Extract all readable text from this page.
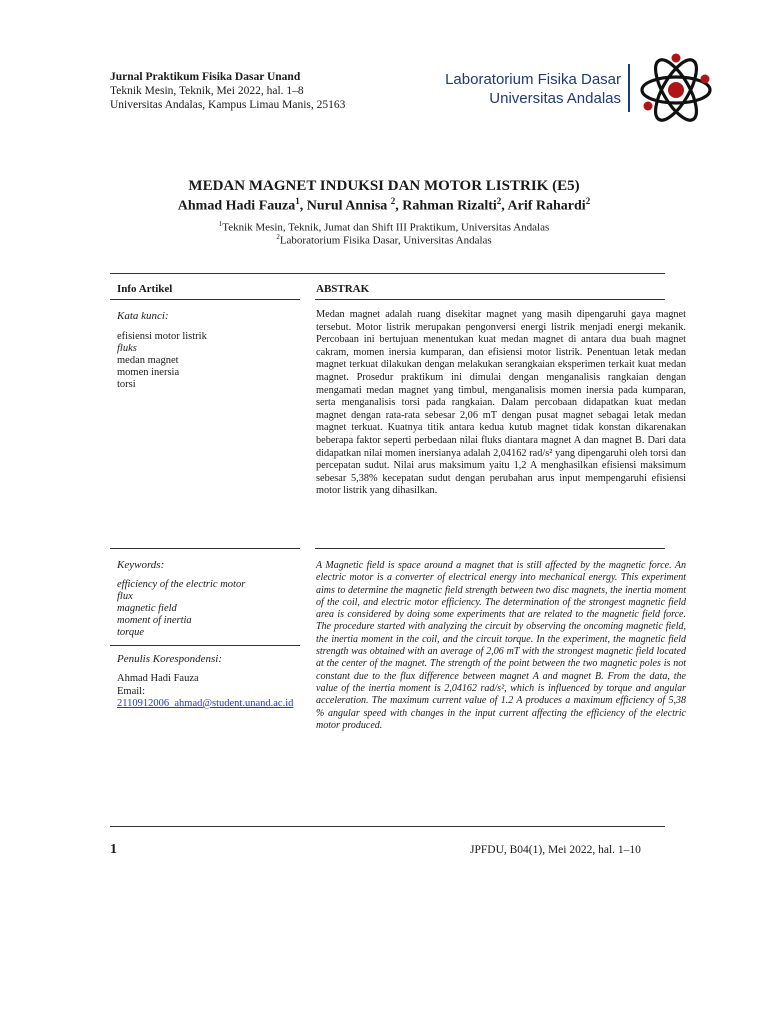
Jurnal Praktikum Fisika Dasar Unand
Teknik Mesin, Teknik, Mei 2022, hal. 1–8
Universitas Andalas, Kampus Limau Manis, 25163
Laboratorium Fisika Dasar
Universitas Andalas
MEDAN MAGNET INDUKSI DAN MOTOR LISTRIK (E5)
Ahmad Hadi Fauza$^1$, Nurul Annisa $^2$, Rahman Rizalti$^2$, Arif Rahardi$^2$
$^1$Teknik Mesin, Teknik, Jumat dan Shift III Praktikum, Universitas Andalas
$^2$Laboratorium Fisika Dasar, Universitas Andalas
Info Artikel	ABSTRAK
Kata kunci:
efisiensi motor listrik
fluks
medan magnet
momen inersia
torsi
Medan magnet adalah ruang disekitar magnet yang masih dipengaruhi gaya magnet tersebut. Motor listrik merupakan pengonversi energi listrik menjadi energi mekanik. Percobaan ini bertujuan menentukan kuat medan magnet di antara dua buah magnet cakram, momen inersia kumparan, dan efisiensi motor listrik. Penentuan letak medan magnet terkuat dilakukan dengan melakukan serangkaian eksperimen terkait kuat medan magnet. Prosedur praktikum ini dimulai dengan menganalisis rangkaian dengan mengamati medan magnet yang timbul, menganalisis momen inersia pada kumparan, serta menganalisis torsi pada rangkaian. Dalam percobaan didapatkan kuat medan magnet dengan rata-rata sebesar 2,06 mT dengan pusat magnet sebagai letak medan magnet terkuat. Kuatnya titik antara kedua kutub magnet tidak konstan dikarenakan beberapa faktor seperti perbedaan nilai fluks diantara magnet A dan magnet B. Dari data didapatkan nilai momen inersianya adalah 2,04162 rad/s² yang dipengaruhi oleh torsi dan percepatan sudut. Nilai arus maksimum yaitu 1,2 A menghasilkan efisiensi maksimum sebesar 5,38% kecepatan sudut dengan perubahan arus input mempengaruhi efisiensi motor listrik yang dihasilkan.
Keywords:
efficiency of the electric motor
flux
magnetic field
moment of inertia
torque
Penulis Korespondensi:
Ahmad Hadi Fauza
Email:
2110912006_ahmad@student.unand.ac.id
A Magnetic field is space around a magnet that is still affected by the magnetic force. An electric motor is a converter of electrical energy into mechanical energy. This experiment aims to determine the magnetic field strength between two disc magnets, the inertia moment of the coil, and electric motor efficiency. The determination of the strongest magnetic field area is considered by doing some experiments that are related to the magnetic field force. The procedure started with analyzing the circuit by observing the oncoming magnetic field, the inertia moment in the coil, and the circuit torque. In the experiment, the magnetic field strength was obtained with an average of 2,06 mT with the strongest magnetic field located at the center of the magnet. The strength of the point between the two magnetic poles is not constant due to the flux difference between magnet A and magnet B. From the data, the value of the inertia moment is 2,04162 rad/s², which is influenced by torque and angular acceleration. The maximum current value of 1.2 A produces a maximum efficiency of 5,38 % angular speed with changes in the input current affecting the efficiency of the electric motor produced.
1	JPFDU, B04(1), Mei 2022, hal. 1–10
